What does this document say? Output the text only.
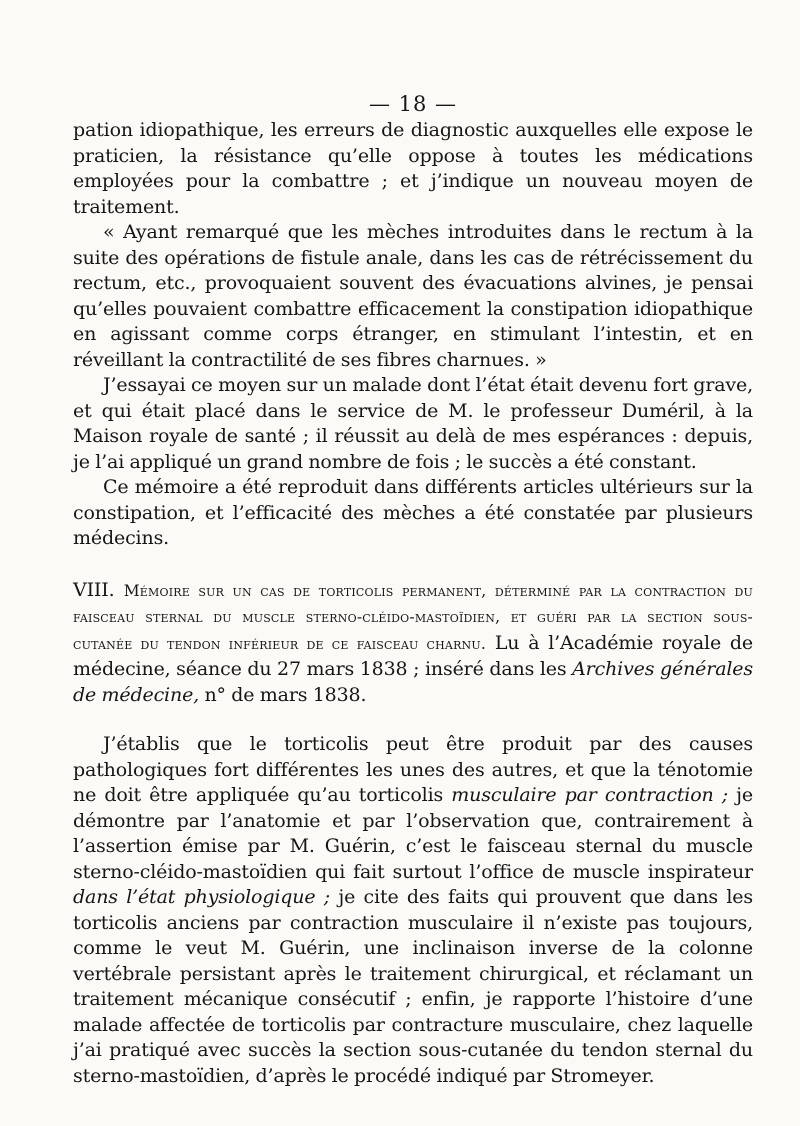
— 18 —

pation idiopathique, les erreurs de diagnostic auxquelles elle expose le praticien, la résistance qu’elle oppose à toutes les médications employées pour la combattre ; et j’indique un nouveau moyen de traitement.

« Ayant remarqué que les mèches introduites dans le rectum à la suite des opérations de fistule anale, dans les cas de rétrécissement du rectum, etc., provoquaient souvent des évacuations alvines, je pensai qu’elles pouvaient combattre efficacement la constipation idiopathique en agissant comme corps étranger, en stimulant l’intestin, et en réveillant la contractilité de ses fibres charnues. »

J’essayai ce moyen sur un malade dont l’état était devenu fort grave, et qui était placé dans le service de M. le professeur Duméril, à la Maison royale de santé ; il réussit au delà de mes espérances : depuis, je l’ai appliqué un grand nombre de fois ; le succès a été constant.

Ce mémoire a été reproduit dans différents articles ultérieurs sur la constipation, et l’efficacité des mèches a été constatée par plusieurs médecins.

VIII. Mémoire sur un cas de torticolis permanent, déterminé par la contraction du faisceau sternal du muscle sterno-cléido-mastoïdien, et guéri par la section sous-cutanée du tendon inférieur de ce faisceau charnu. Lu à l’Académie royale de médecine, séance du 27 mars 1838 ; inséré dans les Archives générales de médecine, n° de mars 1838.

J’établis que le torticolis peut être produit par des causes pathologiques fort différentes les unes des autres, et que la ténotomie ne doit être appliquée qu’au torticolis musculaire par contraction ; je démontre par l’anatomie et par l’observation que, contrairement à l’assertion émise par M. Guérin, c’est le faisceau sternal du muscle sterno-cléido-mastoïdien qui fait surtout l’office de muscle inspirateur dans l’état physiologique ; je cite des faits qui prouvent que dans les torticolis anciens par contraction musculaire il n’existe pas toujours, comme le veut M. Guérin, une inclinaison inverse de la colonne vertébrale persistant après le traitement chirurgical, et réclamant un traitement mécanique consécutif ; enfin, je rapporte l’histoire d’une malade affectée de torticolis par contracture musculaire, chez laquelle j’ai pratiqué avec succès la section sous-cutanée du tendon sternal du sterno-mastoïdien, d’après le procédé indiqué par Stromeyer.
